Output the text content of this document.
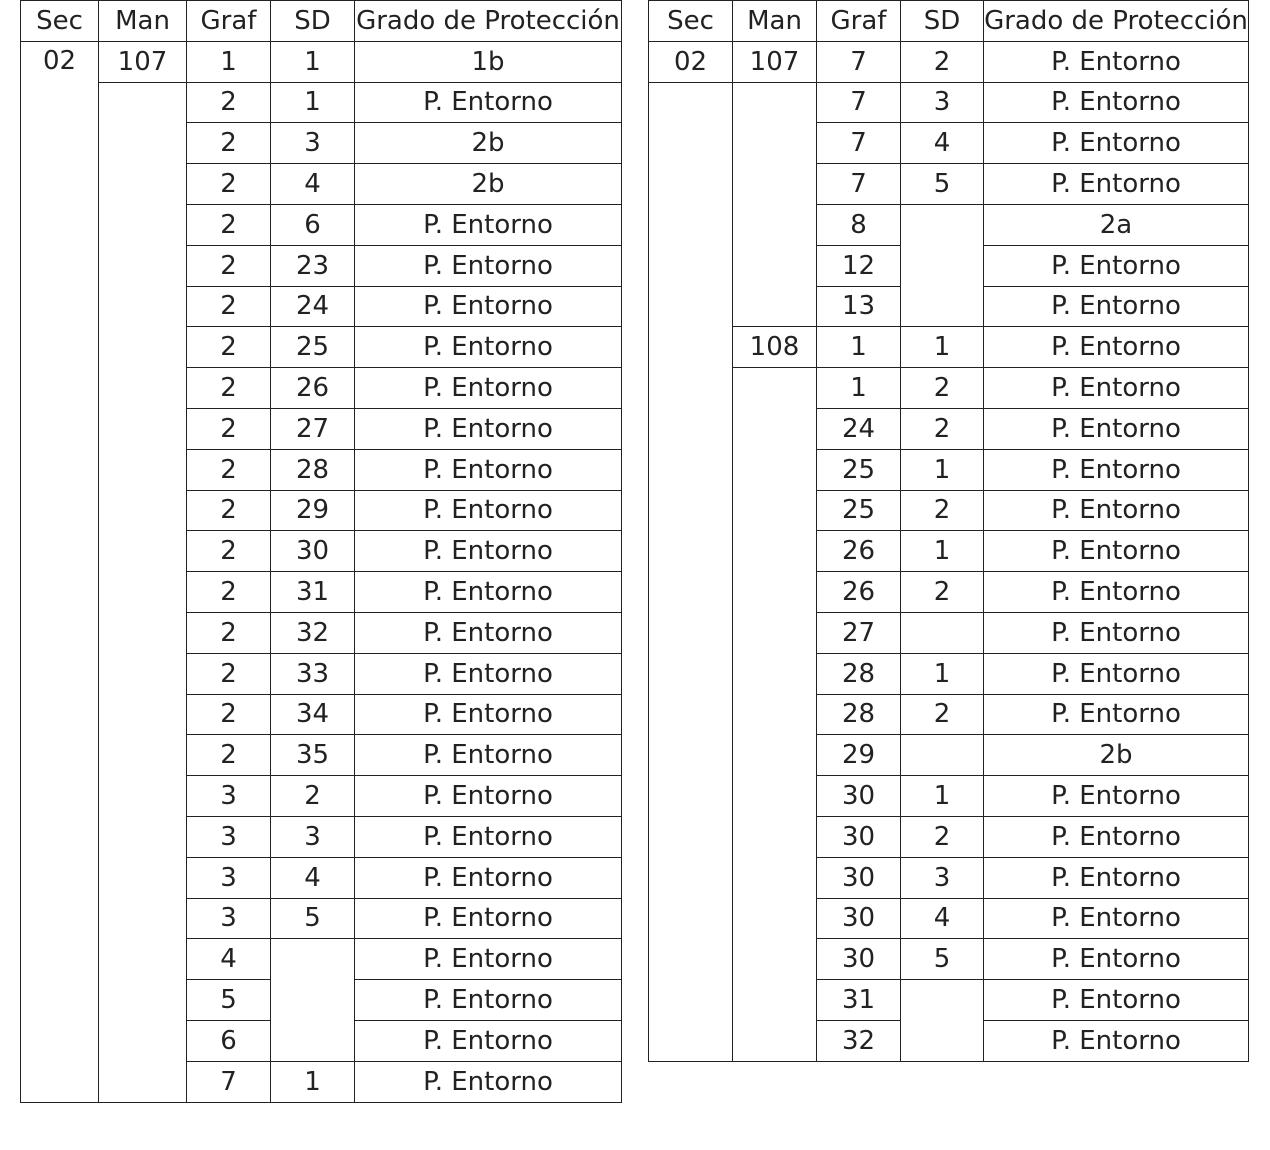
Sec	Man	Graf	SD	Grado de Protección

02	107	1	1	1b
		2	1	P. Entorno
		2	3	2b
		2	4	2b
		2	6	P. Entorno
		2	23	P. Entorno
		2	24	P. Entorno
		2	25	P. Entorno
		2	26	P. Entorno
		2	27	P. Entorno
		2	28	P. Entorno
		2	29	P. Entorno
		2	30	P. Entorno
		2	31	P. Entorno
		2	32	P. Entorno
		2	33	P. Entorno
		2	34	P. Entorno
		2	35	P. Entorno
		3	2	P. Entorno
		3	3	P. Entorno
		3	4	P. Entorno
		3	5	P. Entorno
		4		P. Entorno
		5		P. Entorno
		6		P. Entorno
		7	1	P. Entorno
Sec	Man	Graf	SD	Grado de Protección
02	107	7	2	P. Entorno
		7	3	P. Entorno
		7	4	P. Entorno
		7	5	P. Entorno
		8		2a
		12		P. Entorno
		13		P. Entorno
	108	1	1	P. Entorno
		1	2	P. Entorno
		24	2	P. Entorno
		25	1	P. Entorno
		25	2	P. Entorno
		26	1	P. Entorno
		26	2	P. Entorno
		27		P. Entorno
		28	1	P. Entorno
		28	2	P. Entorno
		29		2b
		30	1	P. Entorno
		30	2	P. Entorno
		30	3	P. Entorno
		30	4	P. Entorno
		30	5	P. Entorno
		31		P. Entorno
		32		P. Entorno
